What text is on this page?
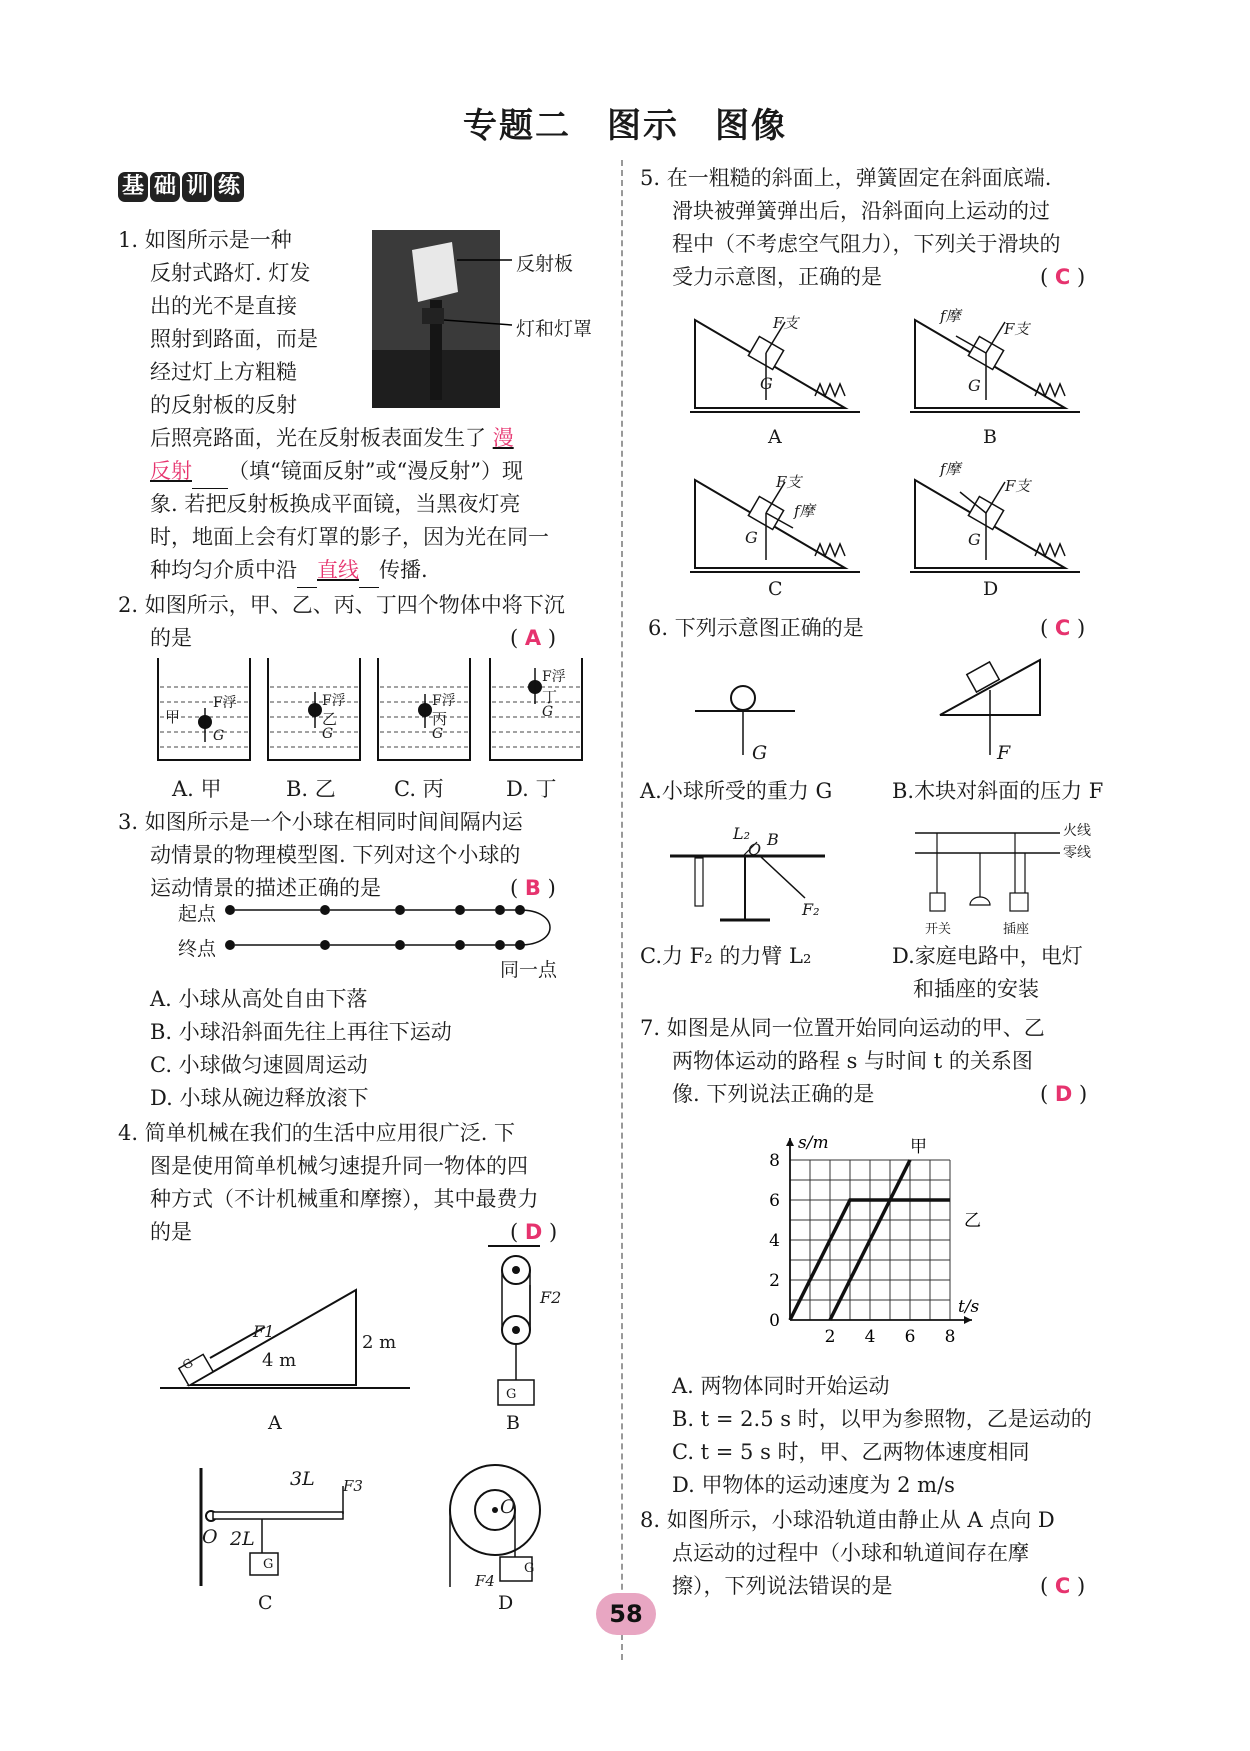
专题二　图示　图像
基 础 训 练
1. 如图所示是一种
反射式路灯. 灯发
出的光不是直接
照射到路面，而是
经过灯上方粗糙
的反射板的反射
后照亮路面，光在反射板表面发生了 漫
反射 （填“镜面反射”或“漫反射”）现
象. 若把反射板换成平面镜，当黑夜灯亮
时，地面上会有灯罩的影子，因为光在同一
种均匀介质中沿 直线 传播.
反射板
灯和灯罩
2. 如图所示，甲、乙、丙、丁四个物体中将下沉
的是	( A )
甲	乙	丙
丁
F浮
G
F浮
G
F浮
G
F浮
G
A. 甲	B. 乙	C. 丙	D. 丁
3. 如图所示是一个小球在相同时间间隔内运
动情景的物理模型图. 下列对这个小球的
运动情景的描述正确的是	( B )
起点
终点
同一点
A. 小球从高处自由下落
B. 小球沿斜面先往上再往下运动
C. 小球做匀速圆周运动
D. 小球从碗边释放滚下
4. 简单机械在我们的生活中应用很广泛. 下
图是使用简单机械匀速提升同一物体的四
种方式（不计机械重和摩擦），其中最费力
的是	( D )
F1
4 m
2 m
G
A
F2
G
B
3L F3
O 2L
G
C
O
F4
G
D
5. 在一粗糙的斜面上，弹簧固定在斜面底端.
滑块被弹簧弹出后，沿斜面向上运动的过
程中（不考虑空气阻力），下列关于滑块的
受力示意图，正确的是	( C )
F支
G
A
f摩
F支
G
B
F支
f摩
G
C
f摩
F支
G
D
6. 下列示意图正确的是	( C )
G	F
A.小球所受的重力 G	B.木块对斜面的压力 F
L₂
O
B
F₂
火线
零线
开关	插座
C.力 F₂ 的力臂 L₂	D.家庭电路中，电灯
和插座的安装
7. 如图是从同一位置开始同向运动的甲、乙
两物体运动的路程 s 与时间 t 的关系图
像. 下列说法正确的是	( D )
2 4 6 8
0
2
4
6
8
t/s
s/m	甲
乙
A. 两物体同时开始运动
B. t = 2.5 s 时，以甲为参照物，乙是运动的
C. t = 5 s 时，甲、乙两物体速度相同
D. 甲物体的运动速度为 2 m/s
8. 如图所示，小球沿轨道由静止从 A 点向 D
点运动的过程中（小球和轨道间存在摩
擦），下列说法错误的是	( C )
58
